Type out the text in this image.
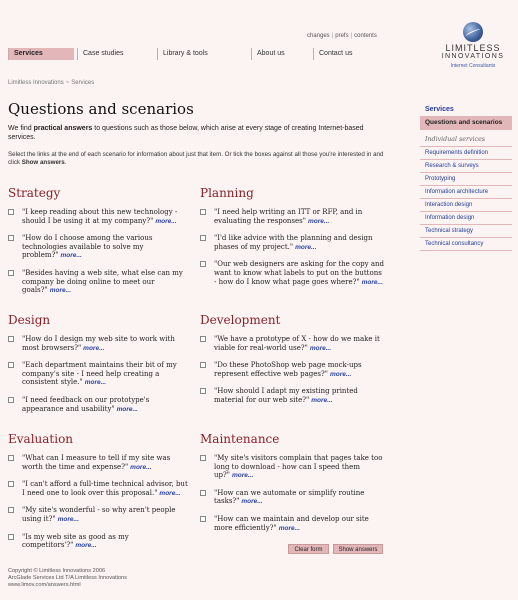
changes | prefs | contents
LIMITLESS
INNOVATIONS
Internet Consultants
Services	Case studies	Library & tools	About us	Contact us
Limitless Innovations ~ Services
Questions and scenarios
We find practical answers to questions such as those below, which arise at every stage of creating Internet-based services.
Select the links at the end of each scenario for information about just that item. Or tick the boxes against all those you're interested in and click Show answers.
Strategy
"I keep reading about this new technology - should I be using it at my company?" more...
"How do I choose among the various technologies available to solve my problem?" more...
"Besides having a web site, what else can my company be doing online to meet our goals?" more...
Planning
"I need help writing an ITT or RFP, and in evaluating the responses" more...
"I'd like advice with the planning and design phases of my project." more...
"Our web designers are asking for the copy and want to know what labels to put on the buttons - how do I know what page goes where?" more...
Design
"How do I design my web site to work with most browsers?" more...
"Each department maintains their bit of my company's site - I need help creating a consistent style." more...
"I need feedback on our prototype's appearance and usability" more...
Development
"We have a prototype of X - how do we make it viable for real-world use?" more...
"Do these PhotoShop web page mock-ups represent effective web pages?" more...
"How should I adapt my existing printed material for our web site?" more...
Evaluation
"What can I measure to tell if my site was worth the time and expense?" more...
"I can't afford a full-time technical advisor, but I need one to look over this proposal." more...
"My site's wonderful - so why aren't people using it?" more...
"Is my web site as good as my competitors'?" more...
Maintenance
"My site's visitors complain that pages take too long to download - how can I speed them up?" more...
"How can we automate or simplify routine tasks?" more...
"How can we maintain and develop our site more efficiently?" more...
Clear form	Show answers
Services
Questions and scenarios
Individual services
Requirements definition
Research & surveys
Prototyping
Information architecture
Interaction design
Information design
Technical strategy
Technical consultancy
Copyright © Limitless Innovations 2006
ArcGlade Services Ltd T/A Limitless Innovations
www.limov.com/answers.html
